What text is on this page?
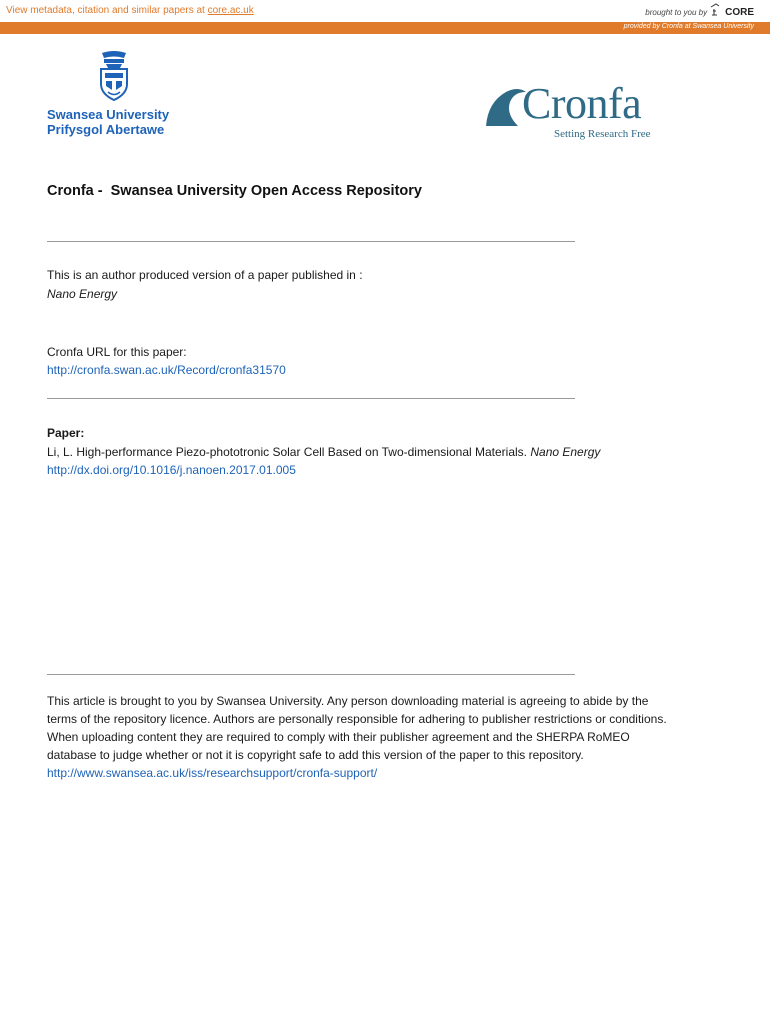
View metadata, citation and similar papers at core.ac.uk	brought to you by CORE
provided by Cronfa at Swansea University
Swansea University
Prifysgol Abertawe
Cronfa
Setting Research Free
Cronfa -  Swansea University Open Access Repository
This is an author produced version of a paper published in :
Nano Energy
Cronfa URL for this paper:
http://cronfa.swan.ac.uk/Record/cronfa31570
Paper:
Li, L. High-performance Piezo-phototronic Solar Cell Based on Two-dimensional Materials. Nano Energy
http://dx.doi.org/10.1016/j.nanoen.2017.01.005
This article is brought to you by Swansea University. Any person downloading material is agreeing to abide by the
terms of the repository licence. Authors are personally responsible for adhering to publisher restrictions or conditions.
When uploading content they are required to comply with their publisher agreement and the SHERPA RoMEO
database to judge whether or not it is copyright safe to add this version of the paper to this repository.
http://www.swansea.ac.uk/iss/researchsupport/cronfa-support/
